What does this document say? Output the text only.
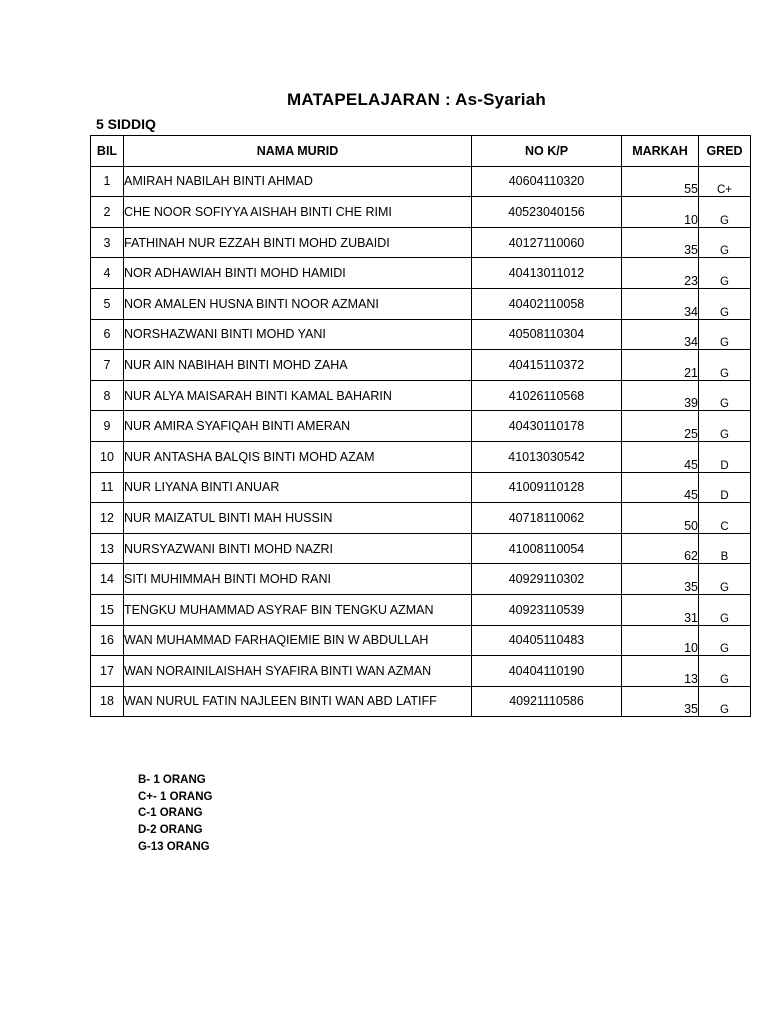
MATAPELAJARAN : As-Syariah
5 SIDDIQ
BIL	NAMA MURID	NO K/P	MARKAH	GRED
1	AMIRAH NABILAH BINTI AHMAD	40604110320	55	C+
2	CHE NOOR SOFIYYA AISHAH BINTI CHE RIMI	40523040156	10	G
3	FATHINAH NUR EZZAH BINTI MOHD ZUBAIDI	40127110060	35	G
4	NOR ADHAWIAH BINTI MOHD HAMIDI	40413011012	23	G
5	NOR AMALEN HUSNA BINTI NOOR AZMANI	40402110058	34	G
6	NORSHAZWANI BINTI MOHD YANI	40508110304	34	G
7	NUR AIN NABIHAH BINTI MOHD ZAHA	40415110372	21	G
8	NUR ALYA MAISARAH BINTI KAMAL BAHARIN	41026110568	39	G
9	NUR AMIRA SYAFIQAH BINTI AMERAN	40430110178	25	G
10	NUR ANTASHA BALQIS BINTI MOHD AZAM	41013030542	45	D
11	NUR LIYANA BINTI ANUAR	41009110128	45	D
12	NUR MAIZATUL BINTI MAH HUSSIN	40718110062	50	C
13	NURSYAZWANI BINTI MOHD NAZRI	41008110054	62	B
14	SITI MUHIMMAH BINTI MOHD RANI	40929110302	35	G
15	TENGKU MUHAMMAD ASYRAF BIN TENGKU AZMAN	40923110539	31	G
16	WAN MUHAMMAD FARHAQIEMIE BIN W ABDULLAH	40405110483	10	G
17	WAN NORAINILAISHAH SYAFIRA BINTI WAN AZMAN	40404110190	13	G
18	WAN NURUL FATIN NAJLEEN BINTI WAN ABD LATIFF	40921110586	35	G
B- 1 ORANG
C+- 1 ORANG
C-1 ORANG
D-2 ORANG
G-13 ORANG
